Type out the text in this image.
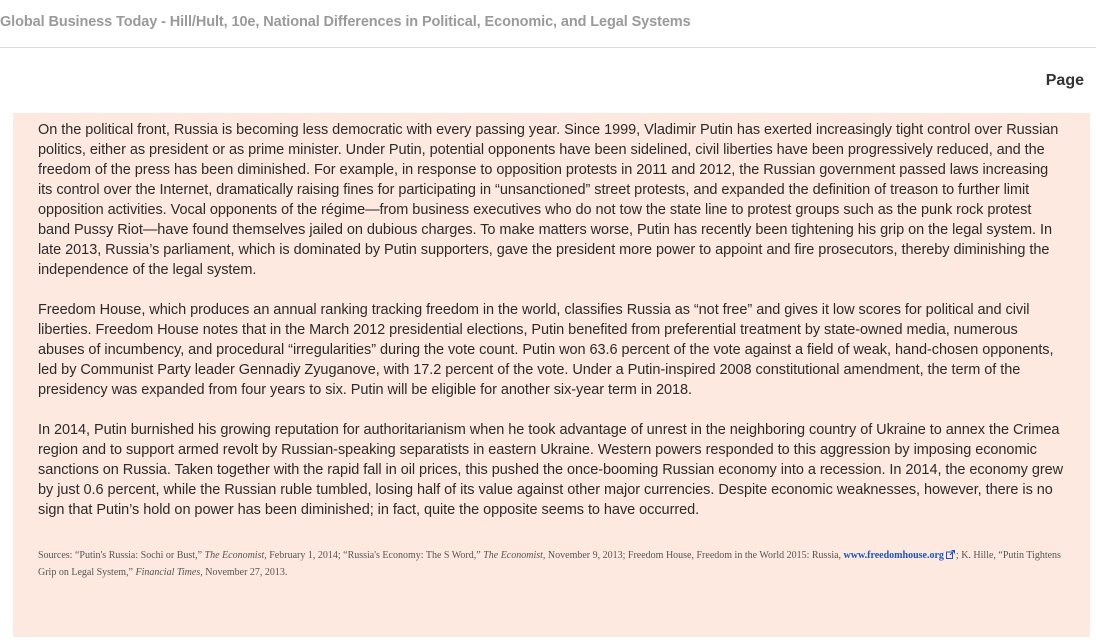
Global Business Today - Hill/Hult, 10e, National Differences in Political, Economic, and Legal Systems
Page

On the political front, Russia is becoming less democratic with every passing year. Since 1999, Vladimir Putin has exerted increasingly tight control over Russian politics, either as president or as prime minister. Under Putin, potential opponents have been sidelined, civil liberties have been progressively reduced, and the freedom of the press has been diminished. For example, in response to opposition protests in 2011 and 2012, the Russian government passed laws increasing its control over the Internet, dramatically raising fines for participating in “unsanctioned” street protests, and expanded the definition of treason to further limit opposition activities. Vocal opponents of the régime—from business executives who do not tow the state line to protest groups such as the punk rock protest band Pussy Riot—have found themselves jailed on dubious charges. To make matters worse, Putin has recently been tightening his grip on the legal system. In late 2013, Russia’s parliament, which is dominated by Putin supporters, gave the president more power to appoint and fire prosecutors, thereby diminishing the independence of the legal system.

Freedom House, which produces an annual ranking tracking freedom in the world, classifies Russia as “not free” and gives it low scores for political and civil liberties. Freedom House notes that in the March 2012 presidential elections, Putin benefited from preferential treatment by state-owned media, numerous abuses of incumbency, and procedural “irregularities” during the vote count. Putin won 63.6 percent of the vote against a field of weak, hand-chosen opponents, led by Communist Party leader Gennadiy Zyuganove, with 17.2 percent of the vote. Under a Putin-inspired 2008 constitutional amendment, the term of the presidency was expanded from four years to six. Putin will be eligible for another six-year term in 2018.

In 2014, Putin burnished his growing reputation for authoritarianism when he took advantage of unrest in the neighboring country of Ukraine to annex the Crimea region and to support armed revolt by Russian-speaking separatists in eastern Ukraine. Western powers responded to this aggression by imposing economic sanctions on Russia. Taken together with the rapid fall in oil prices, this pushed the once-booming Russian economy into a recession. In 2014, the economy grew by just 0.6 percent, while the Russian ruble tumbled, losing half of its value against other major currencies. Despite economic weaknesses, however, there is no sign that Putin’s hold on power has been diminished; in fact, quite the opposite seems to have occurred.

Sources: “Putin's Russia: Sochi or Bust,” The Economist, February 1, 2014; “Russia's Economy: The S Word,” The Economist, November 9, 2013; Freedom House, Freedom in the World 2015: Russia, www.freedomhouse.org ; K. Hille, “Putin Tightens Grip on Legal System,” Financial Times, November 27, 2013.
